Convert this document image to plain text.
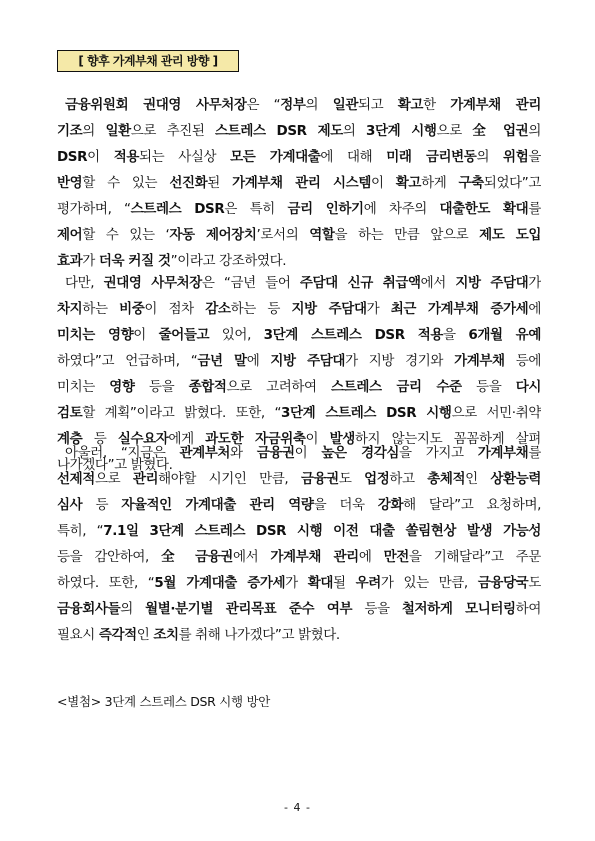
[ 향후 가계부채 관리 방향 ]
금융위원회 권대영 사무처장은 “정부의 일관되고 확고한 가계부채 관리
기조의 일환으로 추진된 스트레스 DSR 제도의 3단계 시행으로 全 업권의
DSR이 적용되는 사실상 모든 가계대출에 대해 미래 금리변동의 위험을
반영할 수 있는 선진화된 가계부채 관리 시스템이 확고하게 구축되었다”고
평가하며, “스트레스 DSR은 특히 금리 인하기에 차주의 대출한도 확대를
제어할 수 있는 ‘자동 제어장치’로서의 역할을 하는 만큼 앞으로 제도 도입
효과가 더욱 커질 것”이라고 강조하였다.
다만, 권대영 사무처장은 “금년 들어 주담대 신규 취급액에서 지방 주담대가
차지하는 비중이 점차 감소하는 등 지방 주담대가 최근 가계부채 증가세에
미치는 영향이 줄어들고 있어, 3단계 스트레스 DSR 적용을 6개월 유예
하였다”고 언급하며, “금년 말에 지방 주담대가 지방 경기와 가계부채 등에
미치는 영향 등을 종합적으로 고려하여 스트레스 금리 수준 등을 다시
검토할 계획”이라고 밝혔다. 또한, “3단계 스트레스 DSR 시행으로 서민·취약
계층 등 실수요자에게 과도한 자금위축이 발생하지 않는지도 꼼꼼하게 살펴
나가겠다”고 밝혔다.
아울러, “지금은 관계부처와 금융권이 높은 경각심을 가지고 가계부채를
선제적으로 관리해야할 시기인 만큼, 금융권도 업정하고 총체적인 상환능력
심사 등 자율적인 가계대출 관리 역량을 더욱 강화해 달라”고 요청하며,
특히, “7.1일 3단계 스트레스 DSR 시행 이전 대출 쏠림현상 발생 가능성
등을 감안하여, 全 금융권에서 가계부채 관리에 만전을 기해달라”고 주문
하였다. 또한, “5월 가계대출 증가세가 확대될 우려가 있는 만큼, 금융당국도
금융회사들의 월별·분기별 관리목표 준수 여부 등을 철저하게 모니터링하여
필요시 즉각적인 조치를 취해 나가겠다”고 밝혔다.
<별첨> 3단계 스트레스 DSR 시행 방안
- 4 -
